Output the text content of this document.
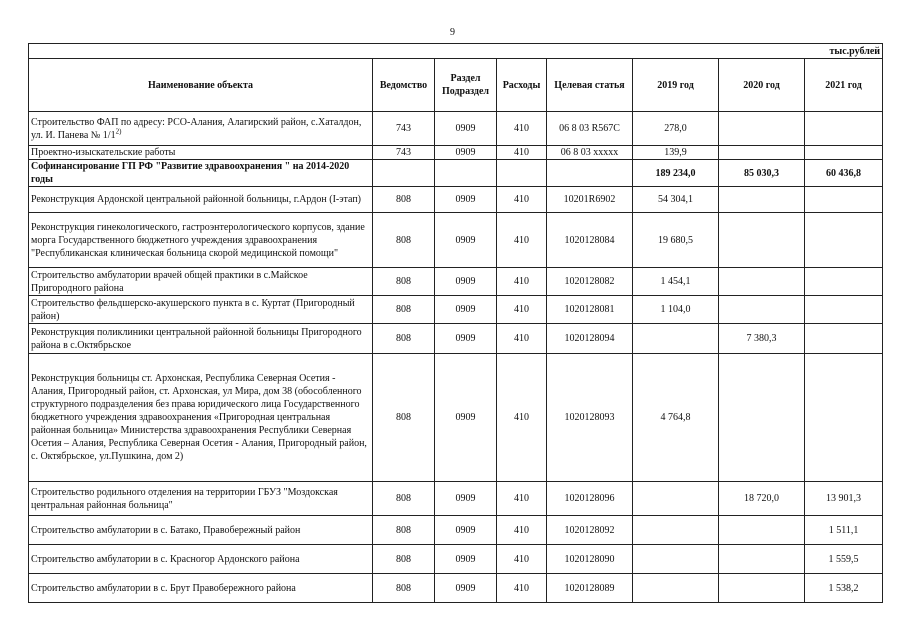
9
тыс.рублей							
Наименование объекта	Ведомство	Раздел Подраздел	Расходы	Целевая статья	2019 год	2020 год	2021 год
Строительство ФАП по адресу: РСО-Алания, Алагирский район, с.Хаталдон, ул. И. Панева № 1/1$^{2)}$	743	0909	410	06 8 03 R567C	278,0		
Проектно-изыскательские работы	743	0909	410	06 8 03 xxxxx	139,9		
Софинансирование ГП РФ "Развитие здравоохранения " на 2014-2020 годы					189 234,0	85 030,3	60 436,8
Реконструкция Ардонской центральной районной больницы, г.Ардон (I-этап)	808	0909	410	10201R6902	54 304,1		
Реконструкция гинекологического, гастроэнтерологического корпусов, здание морга Государственного бюджетного учреждения здравоохранения "Республиканская клиническая больница скорой медицинской помощи"	808	0909	410	1020128084	19 680,5		
Строительство амбулатории врачей общей практики в с.Майское Пригородного района	808	0909	410	1020128082	1 454,1		
Строительство фельдшерско-акушерского пункта в с. Куртат (Пригородный район)	808	0909	410	1020128081	1 104,0		
Реконструкция поликлиники центральной районной больницы Пригородного района в с.Октябрьское	808	0909	410	1020128094		7 380,3	
Реконструкция больницы ст. Архонская, Республика Северная Осетия - Алания, Пригородный район, ст. Архонская, ул Мира, дом 38 (обособленного структурного подразделения без права юридического лица Государственного бюджетного учреждения здравоохранения «Пригородная центральная районная больница» Министерства здравоохранения Республики Северная Осетия – Алания, Республика Северная Осетия - Алания, Пригородный район, с. Октябрьское, ул.Пушкина, дом 2)	808	0909	410	1020128093	4 764,8		
Строительство родильного отделения на территории ГБУЗ "Моздокская центральная районная больница"	808	0909	410	1020128096		18 720,0	13 901,3
Строительство амбулатории в с. Батако, Правобережный район	808	0909	410	1020128092			1 511,1
Строительство амбулатории в с. Красногор Ардонского района	808	0909	410	1020128090			1 559,5
Строительство амбулатории в с. Брут Правобережного района	808	0909	410	1020128089			1 538,2
